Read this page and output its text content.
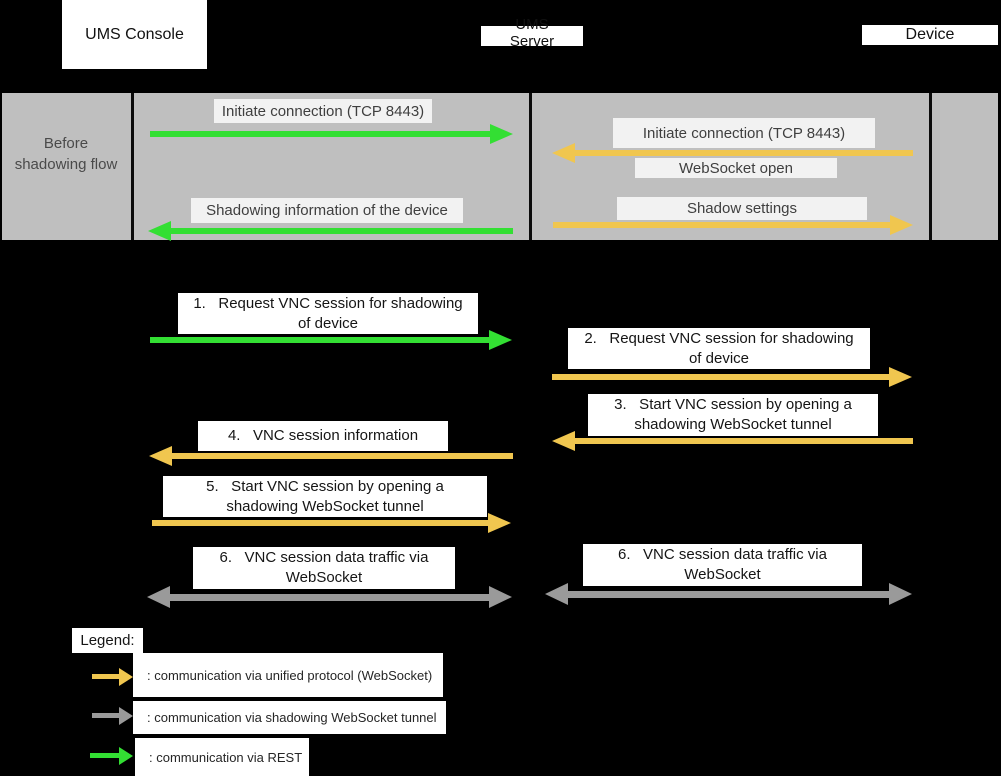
UMS Console
UMS
Server	Device
Before shadowing flow
Initiate connection (TCP 8443)
Shadowing information of the device
Initiate connection (TCP 8443)
WebSocket open
Shadow settings
1.   Request VNC session for shadowing
of device
2.   Request VNC session for shadowing
of device
3.   Start VNC session by opening a
shadowing WebSocket tunnel
4.   VNC session information
5.   Start VNC session by opening a
shadowing WebSocket tunnel
6.   VNC session data traffic via
WebSocket
6.   VNC session data traffic via
WebSocket
Legend:
: communication via unified protocol (WebSocket)
: communication via shadowing WebSocket tunnel
: communication via REST
